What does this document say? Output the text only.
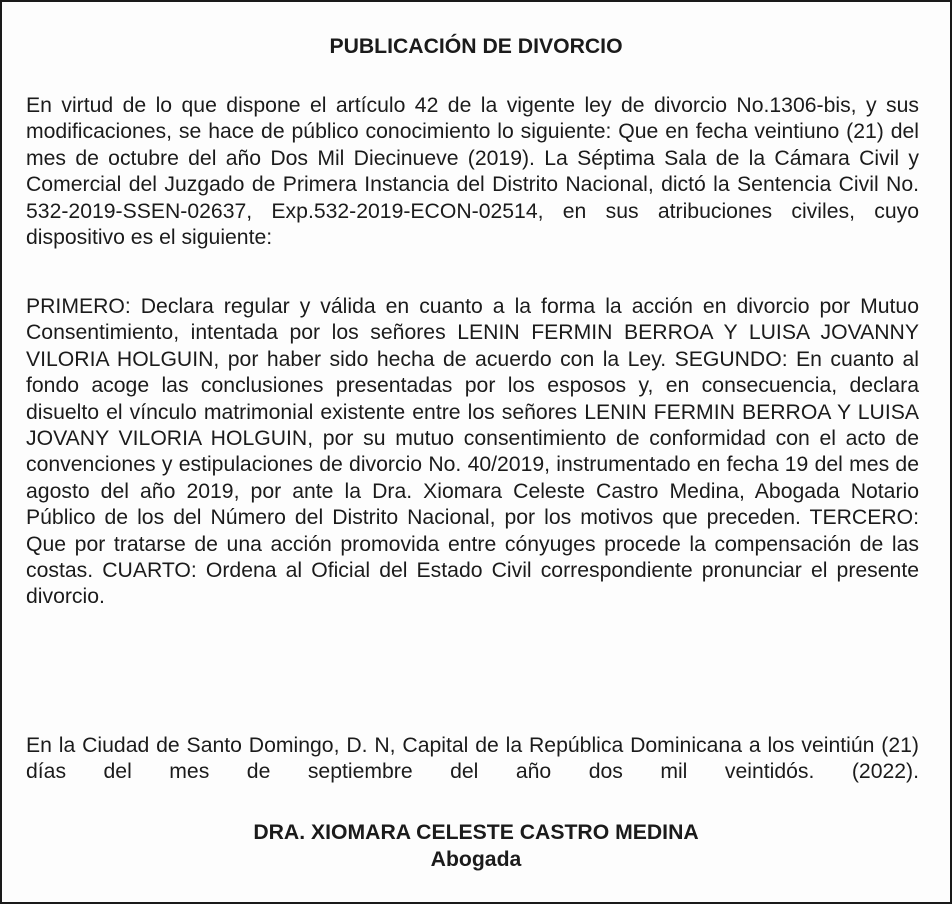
PUBLICACIÓN DE DIVORCIO

En virtud de lo que dispone el artículo 42 de la vigente ley de divorcio No.1306-bis, y sus modificaciones, se hace de público conocimiento lo siguiente: Que en fecha veintiuno (21) del mes de octubre del año Dos Mil Diecinueve (2019). La Séptima Sala de la Cámara Civil y Comercial del Juzgado de Primera Instancia del Distrito Nacional, dictó la Sentencia Civil No. 532-2019-SSEN-02637, Exp.532-2019-ECON-02514, en sus atribuciones civiles, cuyo dispositivo es el siguiente:

PRIMERO: Declara regular y válida en cuanto a la forma la acción en divorcio por Mutuo Consentimiento, intentada por los señores LENIN FERMIN BERROA Y LUISA JOVANNY VILORIA HOLGUIN, por haber sido hecha de acuerdo con la Ley. SEGUNDO: En cuanto al fondo acoge las conclusiones presentadas por los esposos y, en consecuencia, declara disuelto el vínculo matrimonial existente entre los señores LENIN FERMIN BERROA Y LUISA JOVANY VILORIA HOLGUIN, por su mutuo consentimiento de conformidad con el acto de convenciones y estipulaciones de divorcio No. 40/2019, instrumentado en fecha 19 del mes de agosto del año 2019, por ante la Dra. Xiomara Celeste Castro Medina, Abogada Notario Público de los del Número del Distrito Nacional, por los motivos que preceden. TERCERO: Que por tratarse de una acción promovida entre cónyuges procede la compensación de las costas. CUARTO: Ordena al Oficial del Estado Civil correspondiente pronunciar el presente divorcio.

En la Ciudad de Santo Domingo, D. N, Capital de la República Dominicana a los veintiún (21) días del mes de septiembre del año dos mil veintidós. (2022).

DRA. XIOMARA CELESTE CASTRO MEDINA
Abogada
